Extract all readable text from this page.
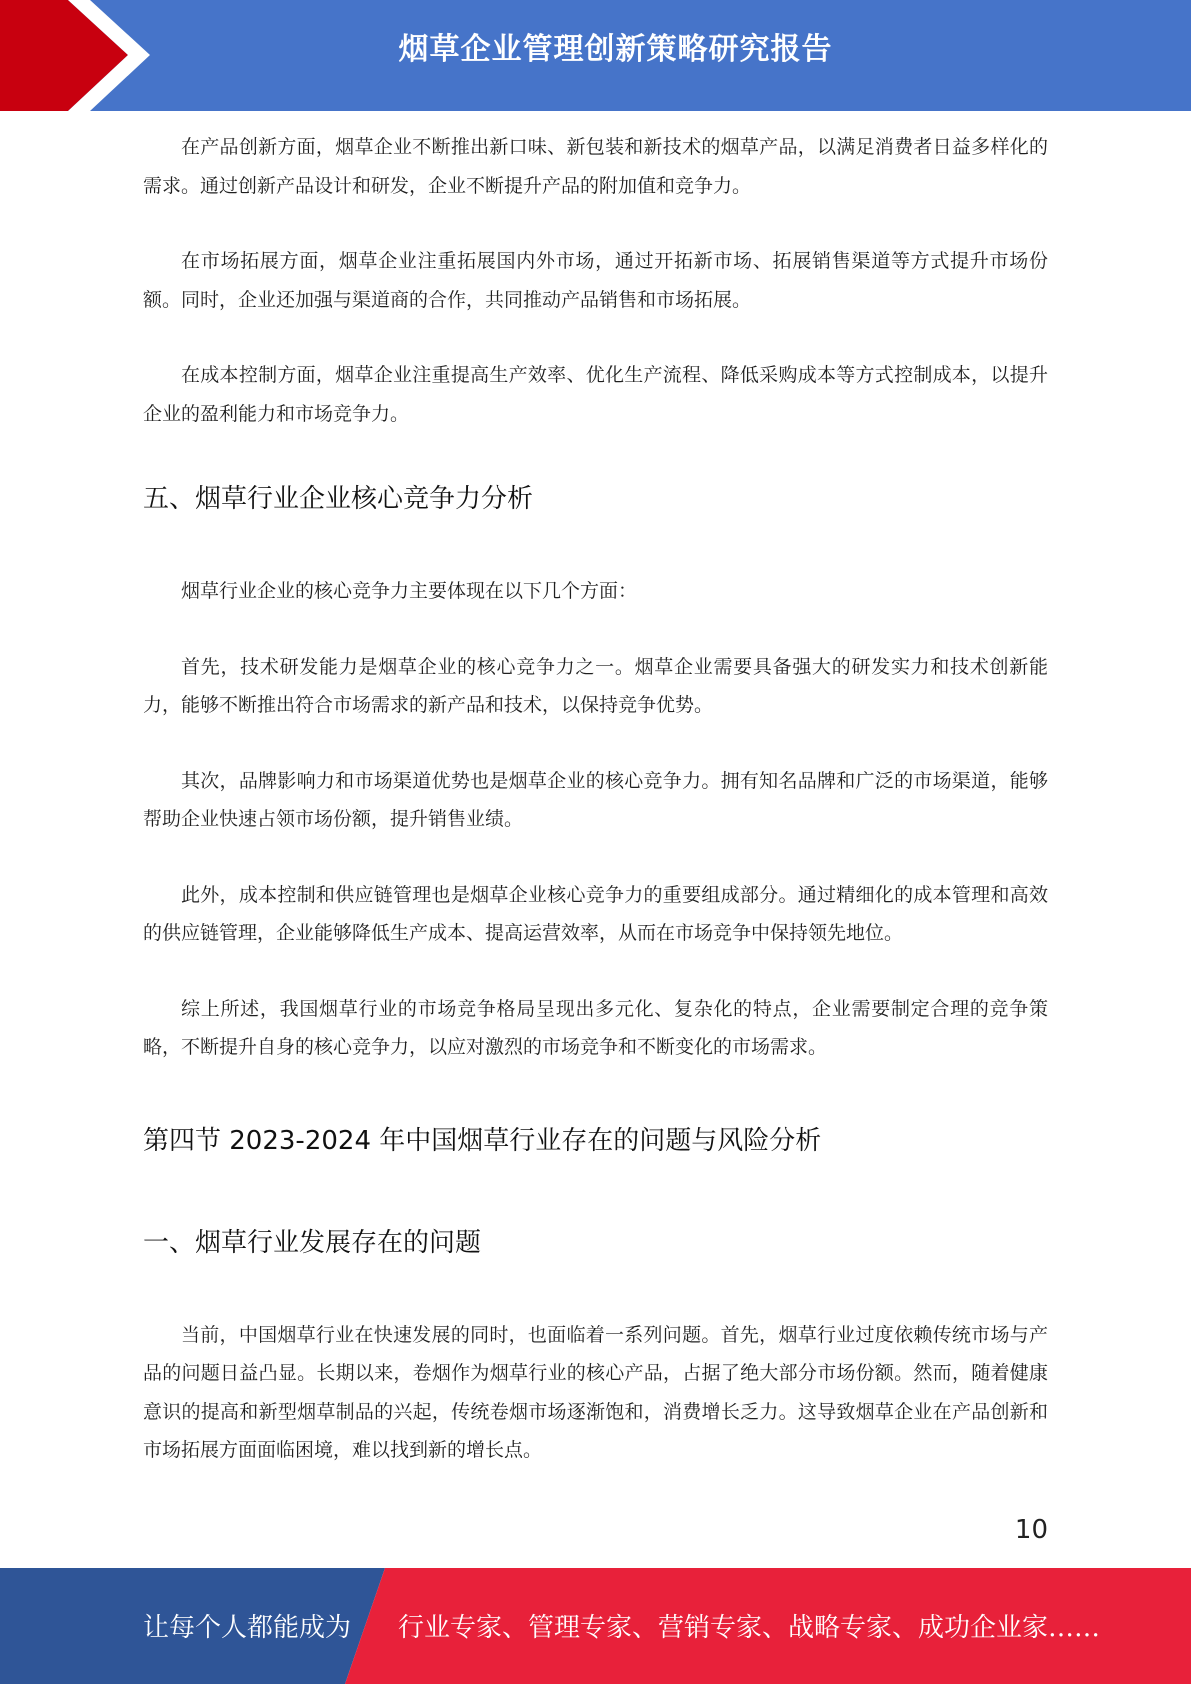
烟草企业管理创新策略研究报告

在产品创新方面，烟草企业不断推出新口味、新包装和新技术的烟草产品，以满足消费者日益多样化的需求。通过创新产品设计和研发，企业不断提升产品的附加值和竞争力。

在市场拓展方面，烟草企业注重拓展国内外市场，通过开拓新市场、拓展销售渠道等方式提升市场份额。同时，企业还加强与渠道商的合作，共同推动产品销售和市场拓展。

在成本控制方面，烟草企业注重提高生产效率、优化生产流程、降低采购成本等方式控制成本，以提升企业的盈利能力和市场竞争力。

五、烟草行业企业核心竞争力分析

烟草行业企业的核心竞争力主要体现在以下几个方面：

首先，技术研发能力是烟草企业的核心竞争力之一。烟草企业需要具备强大的研发实力和技术创新能力，能够不断推出符合市场需求的新产品和技术，以保持竞争优势。

其次，品牌影响力和市场渠道优势也是烟草企业的核心竞争力。拥有知名品牌和广泛的市场渠道，能够帮助企业快速占领市场份额，提升销售业绩。

此外，成本控制和供应链管理也是烟草企业核心竞争力的重要组成部分。通过精细化的成本管理和高效的供应链管理，企业能够降低生产成本、提高运营效率，从而在市场竞争中保持领先地位。

综上所述，我国烟草行业的市场竞争格局呈现出多元化、复杂化的特点，企业需要制定合理的竞争策略，不断提升自身的核心竞争力，以应对激烈的市场竞争和不断变化的市场需求。

第四节 2023-2024 年中国烟草行业存在的问题与风险分析
一、烟草行业发展存在的问题

当前，中国烟草行业在快速发展的同时，也面临着一系列问题。首先，烟草行业过度依赖传统市场与产品的问题日益凸显。长期以来，卷烟作为烟草行业的核心产品，占据了绝大部分市场份额。然而，随着健康意识的提高和新型烟草制品的兴起，传统卷烟市场逐渐饱和，消费增长乏力。这导致烟草企业在产品创新和市场拓展方面面临困境，难以找到新的增长点。

10
让每个人都能成为 行业专家、管理专家、营销专家、战略专家、成功企业家……
